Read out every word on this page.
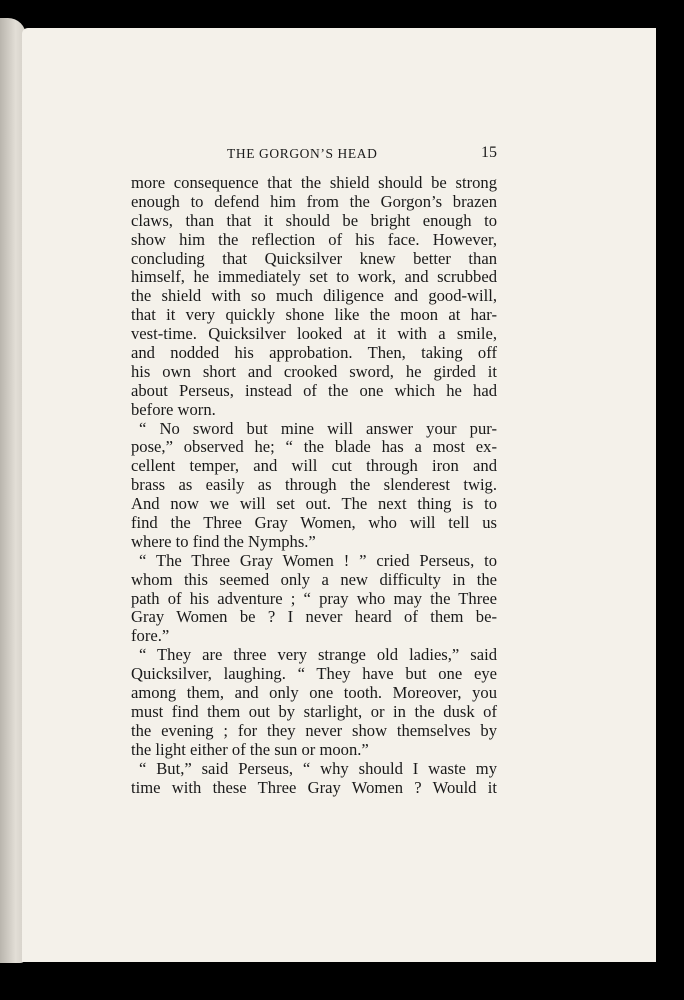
THE GORGON’S HEAD	15
more consequence that the shield should be strong
enough to defend him from the Gorgon’s brazen
claws, than that it should be bright enough to
show him the reflection of his face. However,
concluding that Quicksilver knew better than
himself, he immediately set to work, and scrubbed
the shield with so much diligence and good-will,
that it very quickly shone like the moon at har-
vest-time. Quicksilver looked at it with a smile,
and nodded his approbation. Then, taking off
his own short and crooked sword, he girded it
about Perseus, instead of the one which he had
before worn.
“ No sword but mine will answer your pur-
pose,” observed he; “ the blade has a most ex-
cellent temper, and will cut through iron and
brass as easily as through the slenderest twig.
And now we will set out. The next thing is to
find the Three Gray Women, who will tell us
where to find the Nymphs.”
“ The Three Gray Women ! ” cried Perseus, to
whom this seemed only a new difficulty in the
path of his adventure ; “ pray who may the Three
Gray Women be ? I never heard of them be-
fore.”
“ They are three very strange old ladies,” said
Quicksilver, laughing. “ They have but one eye
among them, and only one tooth. Moreover, you
must find them out by starlight, or in the dusk of
the evening ; for they never show themselves by
the light either of the sun or moon.”
“ But,” said Perseus, “ why should I waste my
time with these Three Gray Women ? Would it
